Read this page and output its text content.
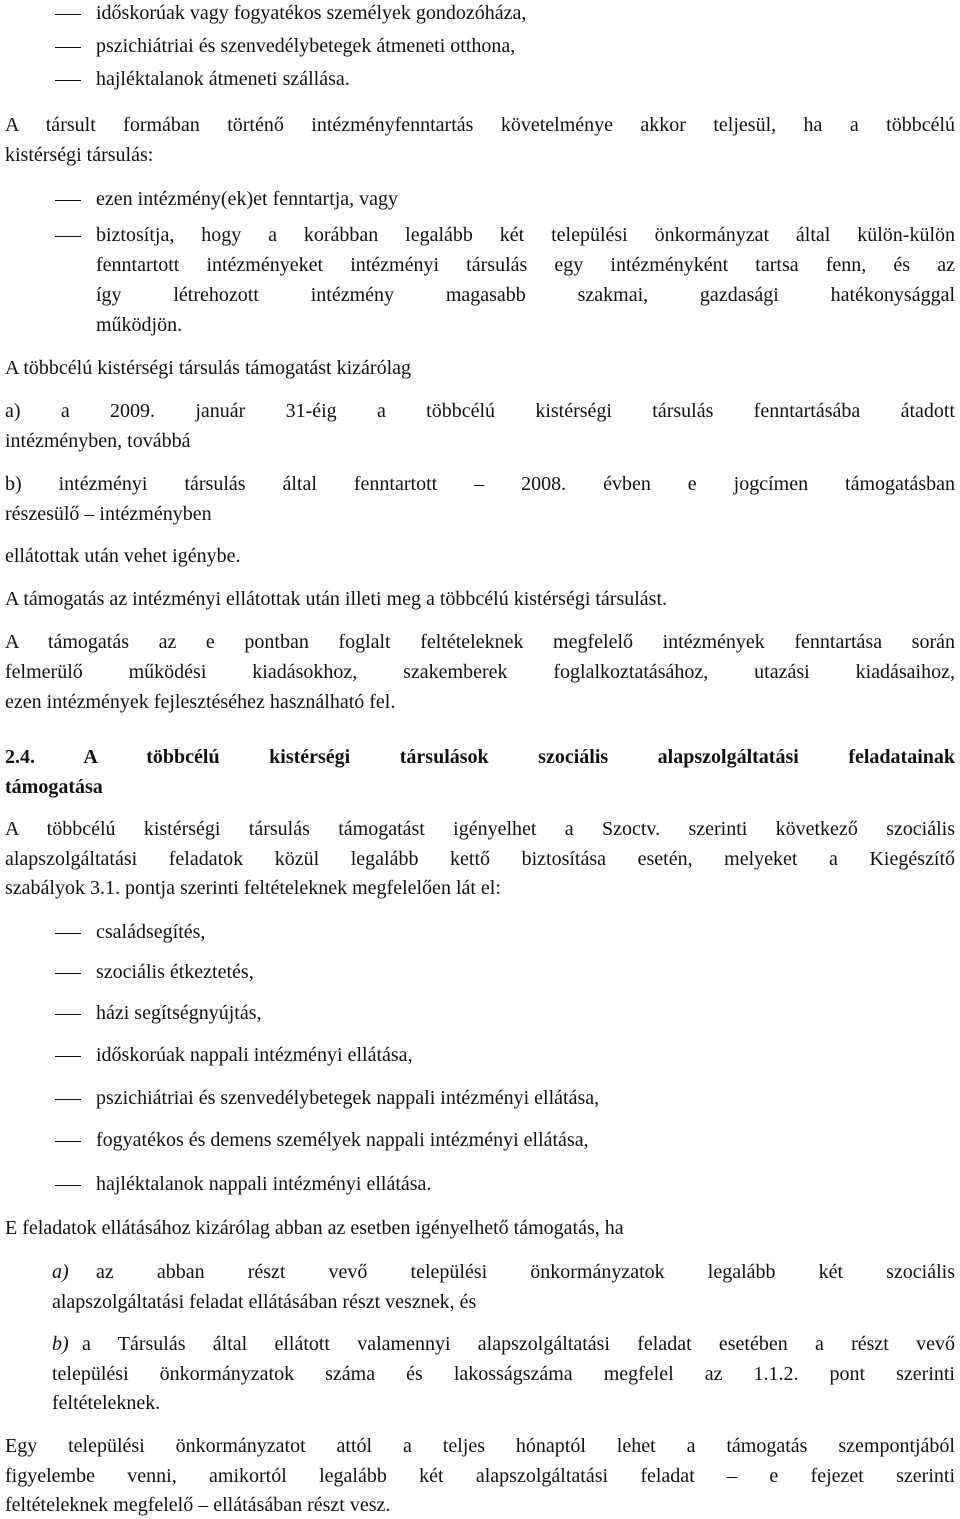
időskorúak vagy fogyatékos személyek gondozóháza,
pszichiátriai és szenvedélybetegek átmeneti otthona,
hajléktalanok átmeneti szállása.
A társult formában történő intézményfenntartás követelménye akkor teljesül, ha a többcélú
kistérségi társulás:
ezen intézmény(ek)et fenntartja, vagy
biztosítja, hogy a korábban legalább két települési önkormányzat által külön-külön
fenntartott intézményeket intézményi társulás egy intézményként tartsa fenn, és az
így létrehozott intézmény magasabb szakmai, gazdasági hatékonysággal
működjön.
A többcélú kistérségi társulás támogatást kizárólag
a) a 2009. január 31-éig a többcélú kistérségi társulás fenntartásába átadott
intézményben, továbbá
b) intézményi társulás által fenntartott – 2008. évben e jogcímen támogatásban
részesülő – intézményben
ellátottak után vehet igénybe.
A támogatás az intézményi ellátottak után illeti meg a többcélú kistérségi társulást.
A támogatás az e pontban foglalt feltételeknek megfelelő intézmények fenntartása során
felmerülő működési kiadásokhoz, szakemberek foglalkoztatásához, utazási kiadásaihoz,
ezen intézmények fejlesztéséhez használható fel.
2.4. A többcélú kistérségi társulások szociális alapszolgáltatási feladatainak
támogatása
A többcélú kistérségi társulás támogatást igényelhet a Szoctv. szerinti következő szociális
alapszolgáltatási feladatok közül legalább kettő biztosítása esetén, melyeket a Kiegészítő
szabályok 3.1. pontja szerinti feltételeknek megfelelően lát el:
családsegítés,
szociális étkeztetés,
házi segítségnyújtás,
időskorúak nappali intézményi ellátása,
pszichiátriai és szenvedélybetegek nappali intézményi ellátása,
fogyatékos és demens személyek nappali intézményi ellátása,
hajléktalanok nappali intézményi ellátása.
E feladatok ellátásához kizárólag abban az esetben igényelhető támogatás, ha
a) az abban részt vevő települési önkormányzatok legalább két szociális
alapszolgáltatási feladat ellátásában részt vesznek, és
b) a Társulás által ellátott valamennyi alapszolgáltatási feladat esetében a részt vevő
települési önkormányzatok száma és lakosságszáma megfelel az 1.1.2. pont szerinti
feltételeknek.
Egy települési önkormányzatot attól a teljes hónaptól lehet a támogatás szempontjából
figyelembe venni, amikortól legalább két alapszolgáltatási feladat – e fejezet szerinti
feltételeknek megfelelő – ellátásában részt vesz.
